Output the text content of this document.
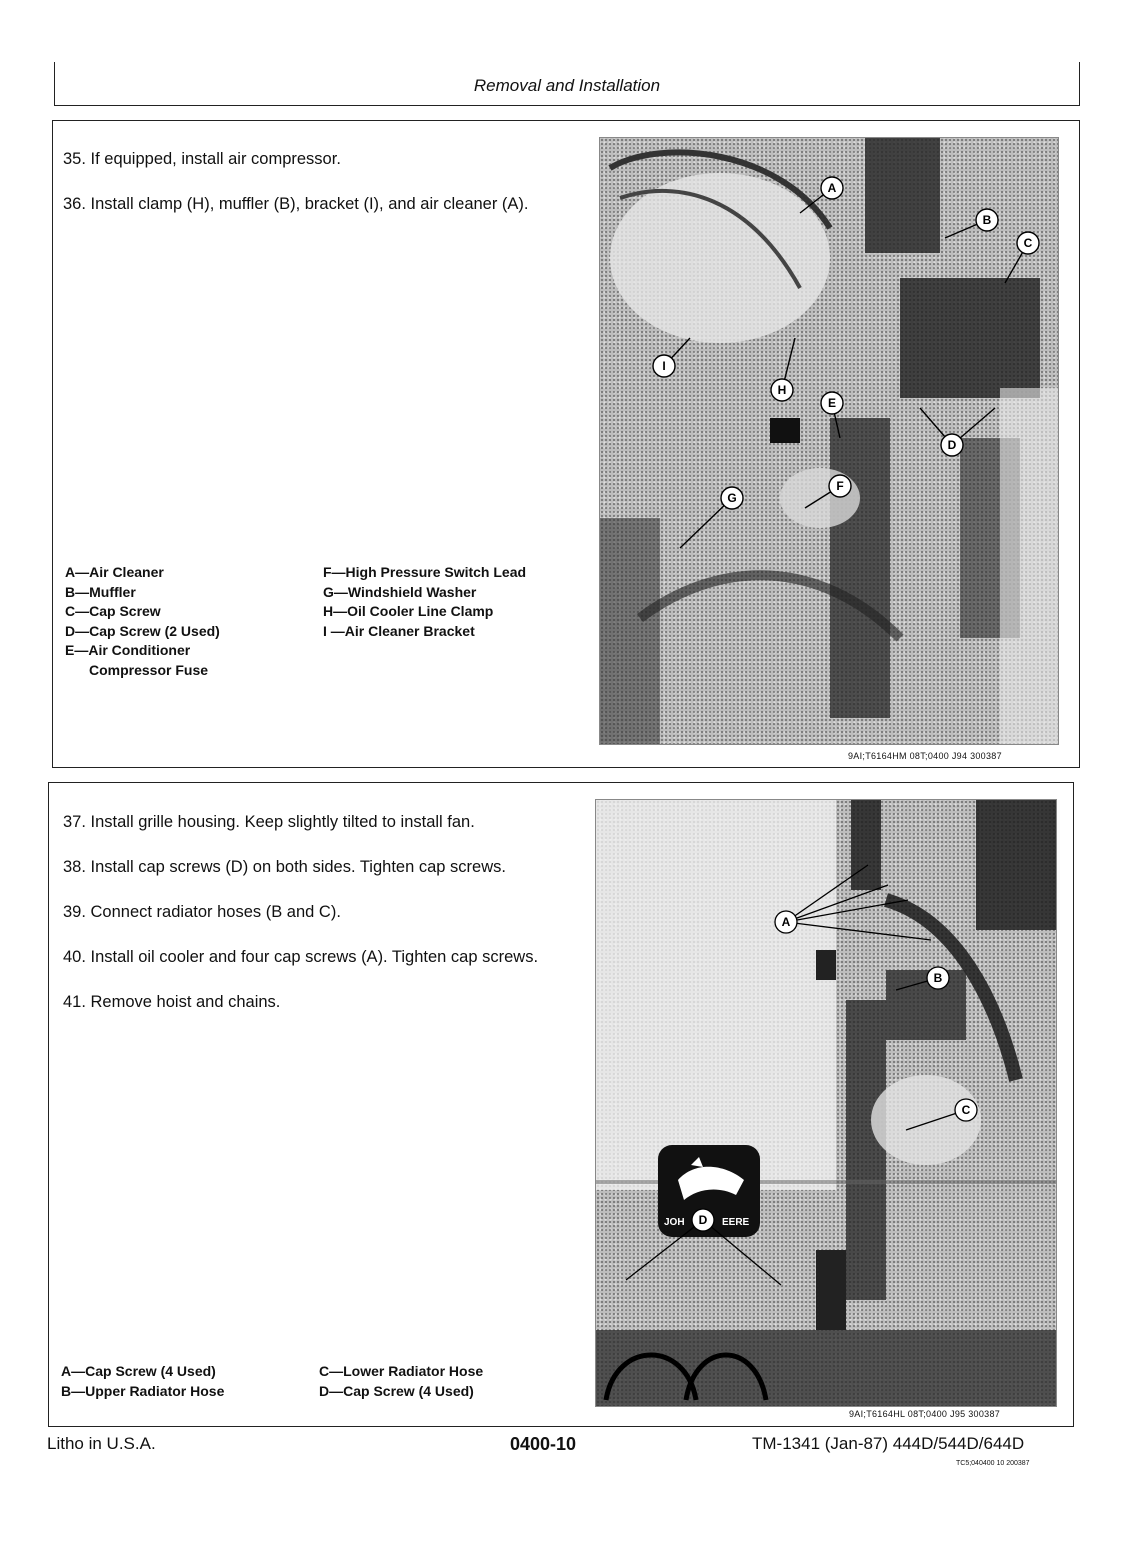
Removal and Installation
35. If equipped, install air compressor.
36. Install clamp (H), muffler (B), bracket (I), and air cleaner (A).
A—Air Cleaner
B—Muffler
C—Cap Screw
D—Cap Screw (2 Used)
E—Air Conditioner
Compressor Fuse
F—High Pressure Switch Lead
G—Windshield Washer
H—Oil Cooler Line Clamp
I —Air Cleaner Bracket
A
B
C
I
H
E
D
F
G
9AI;T6164HM 08T;0400 J94 300387
37. Install grille housing. Keep slightly tilted to install fan.
38. Install cap screws (D) on both sides. Tighten cap screws.
39. Connect radiator hoses (B and C).
40. Install oil cooler and four cap screws (A). Tighten cap screws.
41. Remove hoist and chains.
A—Cap Screw (4 Used)
B—Upper Radiator Hose
C—Lower Radiator Hose
D—Cap Screw (4 Used)
JOH	EERE
A
B
C
D
9AI;T6164HL 08T;0400 J95 300387
Litho in U.S.A.	0400-10	TM-1341 (Jan-87) 444D/544D/644D
TC5;040400 10 200387
